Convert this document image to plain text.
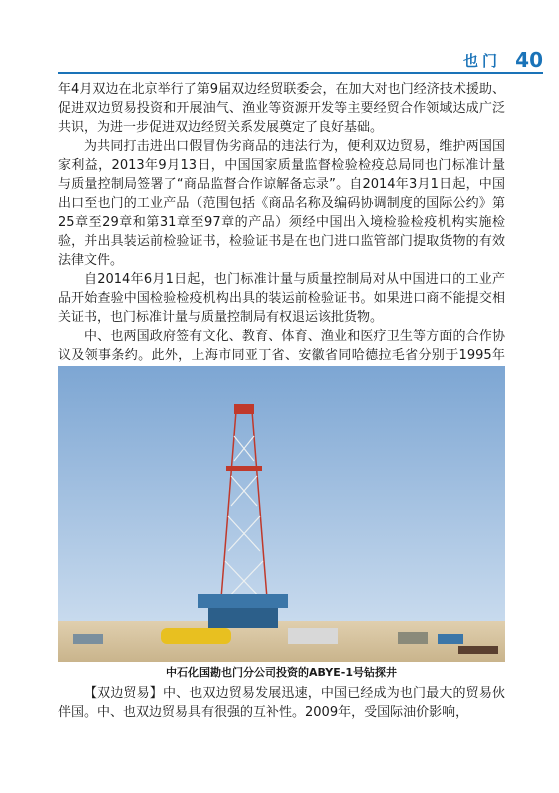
也门 40

年4月双边在北京举行了第9届双边经贸联委会，在加大对也门经济技术援助、促进双边贸易投资和开展油气、渔业等资源开发等主要经贸合作领域达成广泛共识，为进一步促进双边经贸关系发展奠定了良好基础。

为共同打击进出口假冒伪劣商品的违法行为，便利双边贸易，维护两国国家利益，2013年9月13日，中国国家质量监督检验检疫总局同也门标准计量与质量控制局签署了“商品监督合作谅解备忘录”。自2014年3月1日起，中国出口至也门的工业产品（范围包括《商品名称及编码协调制度的国际公约》第25章至29章和第31章至97章的产品）须经中国出入境检验检疫机构实施检验，并出具装运前检验证书，检验证书是在也门进口监管部门提取货物的有效法律文件。

自2014年6月1日起，也门标准计量与质量控制局对从中国进口的工业产品开始查验中国检验检疫机构出具的装运前检验证书。如果进口商不能提交相关证书，也门标准计量与质量控制局有权退运该批货物。

中、也两国政府签有文化、教育、体育、渔业和医疗卫生等方面的合作协议及领事条约。此外，上海市同亚丁省、安徽省同哈德拉毛省分别于1995年

中石化国勘也门分公司投资的ABYE-1号钻探井

【双边贸易】中、也双边贸易发展迅速，中国已经成为也门最大的贸易伙伴国。中、也双边贸易具有很强的互补性。2009年，受国际油价影响，
